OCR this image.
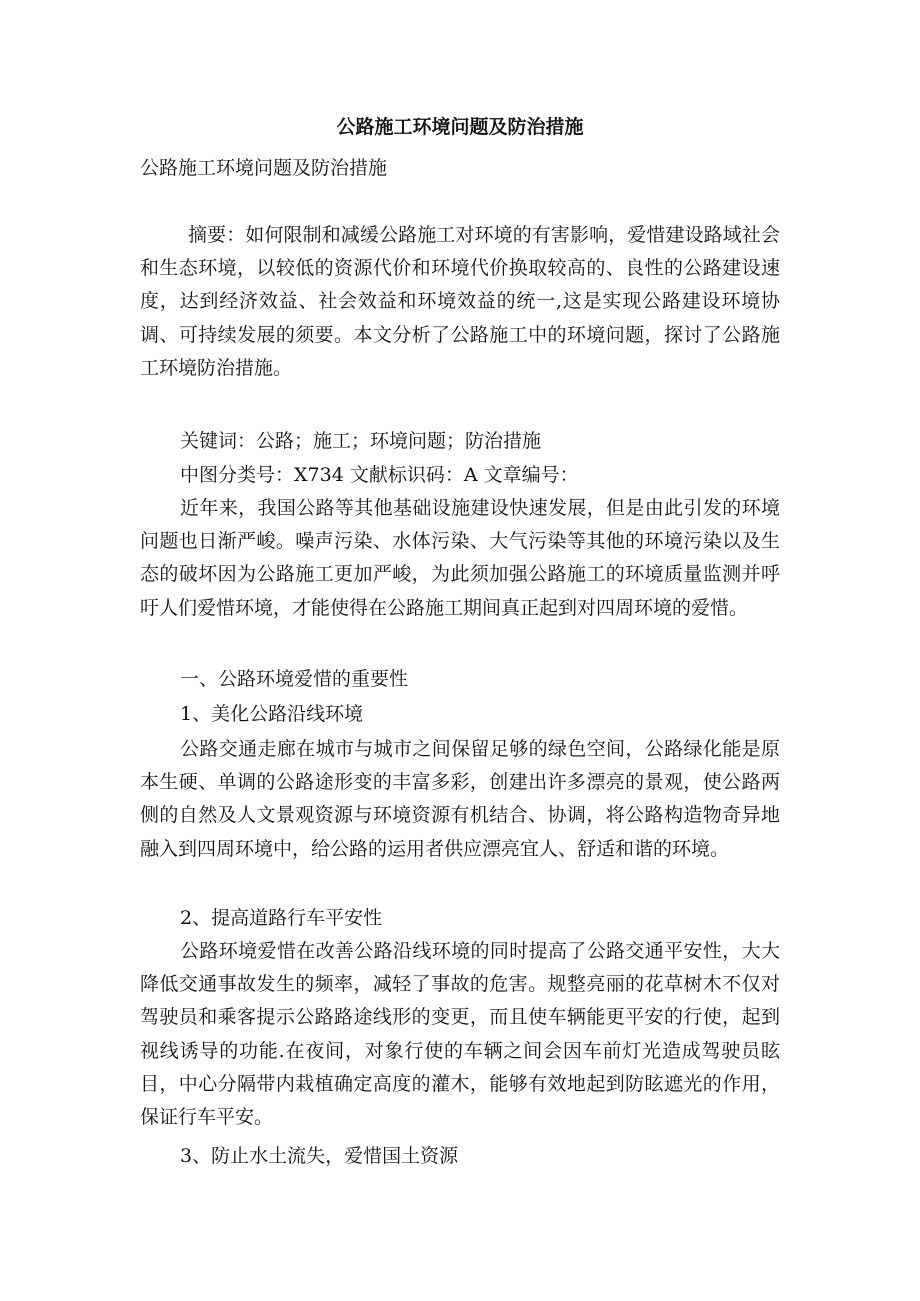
公路施工环境问题及防治措施

公路施工环境问题及防治措施

摘要：如何限制和减缓公路施工对环境的有害影响，爱惜建设路域社会和生态环境，以较低的资源代价和环境代价换取较高的、良性的公路建设速度，达到经济效益、社会效益和环境效益的统一,这是实现公路建设环境协调、可持续发展的须要。本文分析了公路施工中的环境问题，探讨了公路施工环境防治措施。

关键词：公路；施工；环境问题；防治措施

中图分类号：X734 文献标识码：A 文章编号：

近年来，我国公路等其他基础设施建设快速发展，但是由此引发的环境问题也日渐严峻。噪声污染、水体污染、大气污染等其他的环境污染以及生态的破坏因为公路施工更加严峻，为此须加强公路施工的环境质量监测并呼吁人们爱惜环境，才能使得在公路施工期间真正起到对四周环境的爱惜。

一、公路环境爱惜的重要性

1、美化公路沿线环境

公路交通走廊在城市与城市之间保留足够的绿色空间，公路绿化能是原本生硬、单调的公路途形变的丰富多彩，创建出许多漂亮的景观，使公路两侧的自然及人文景观资源与环境资源有机结合、协调，将公路构造物奇异地融入到四周环境中，给公路的运用者供应漂亮宜人、舒适和谐的环境。

2、提高道路行车平安性

公路环境爱惜在改善公路沿线环境的同时提高了公路交通平安性，大大降低交通事故发生的频率，减轻了事故的危害。规整亮丽的花草树木不仅对驾驶员和乘客提示公路路途线形的变更，而且使车辆能更平安的行使，起到视线诱导的功能.在夜间，对象行使的车辆之间会因车前灯光造成驾驶员眩目，中心分隔带内栽植确定高度的灌木，能够有效地起到防眩遮光的作用，保证行车平安。

3、防止水土流失，爱惜国土资源
